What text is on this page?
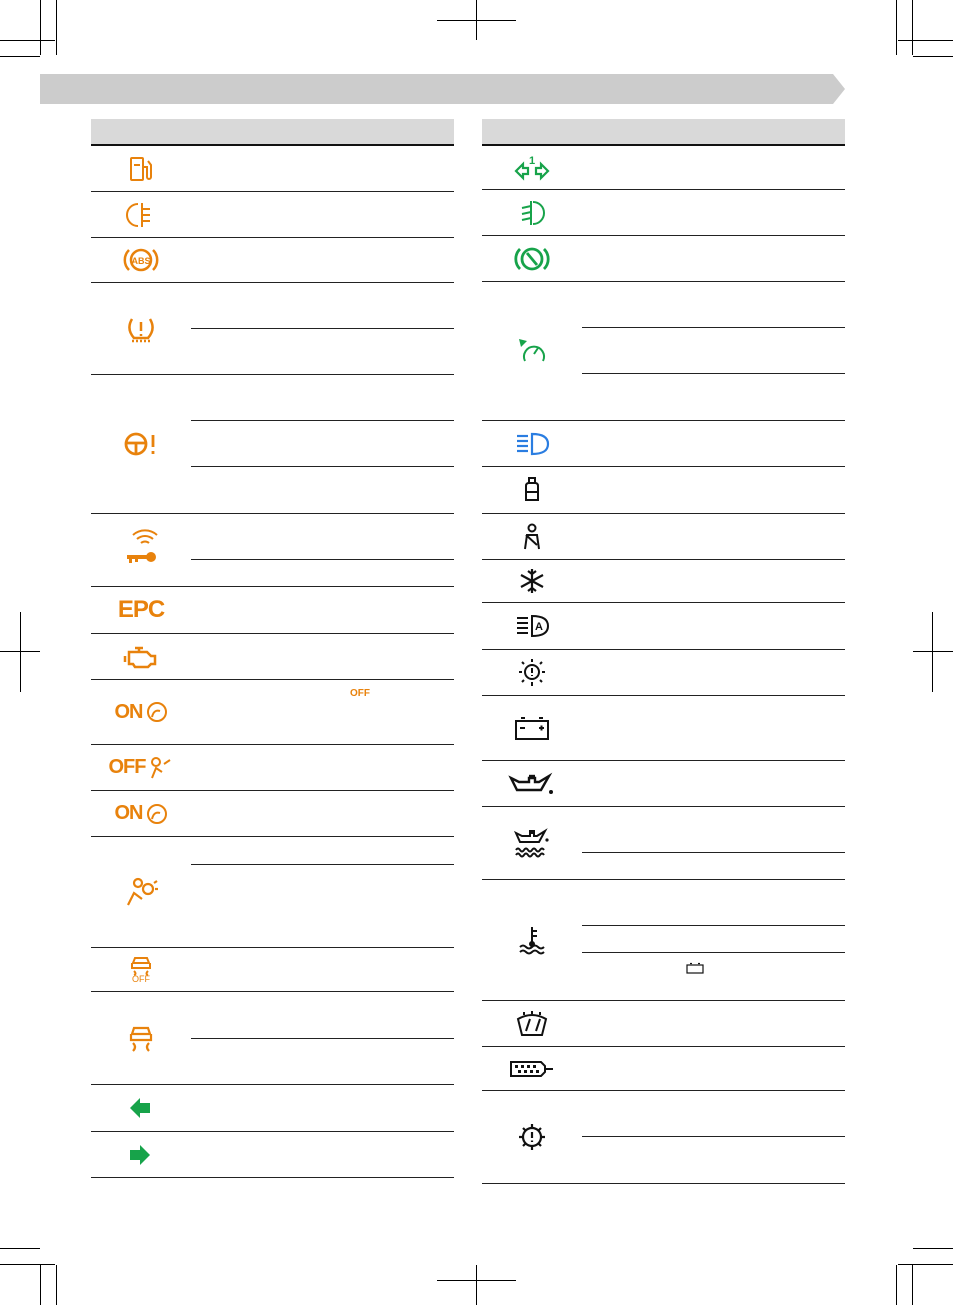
ABS
EPC
ON
OFF
OFF
ON
OFF
1
A
